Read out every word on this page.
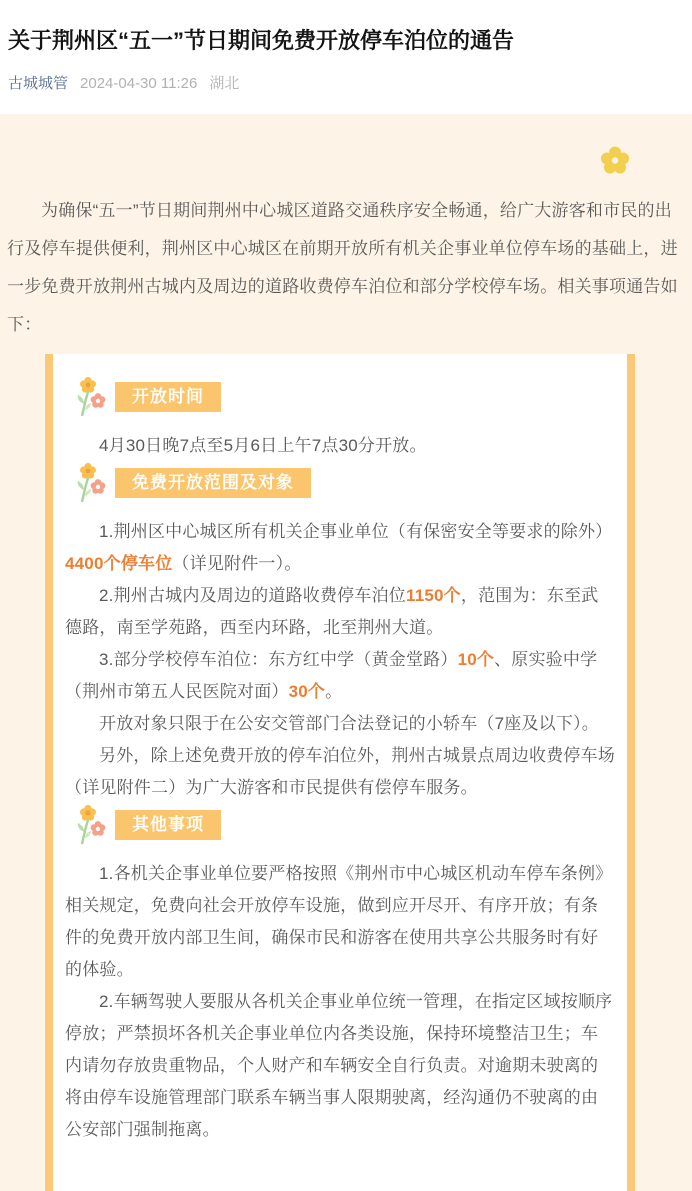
关于荆州区“五一”节日期间免费开放停车泊位的通告
古城城管 2024-04-30 11:26 湖北

为确保“五一”节日期间荆州中心城区道路交通秩序安全畅通，给广大游客和市民的出行及停车提供便利，荆州区中心城区在前期开放所有机关企事业单位停车场的基础上，进一步免费开放荆州古城内及周边的道路收费停车泊位和部分学校停车场。相关事项通告如下：

开放时间

4月30日晚7点至5月6日上午7点30分开放。

免费开放范围及对象

1.荆州区中心城区所有机关企事业单位（有保密安全等要求的除外）4400个停车位（详见附件一）。

2.荆州古城内及周边的道路收费停车泊位1150个，范围为：东至武德路，南至学苑路，西至内环路，北至荆州大道。

3.部分学校停车泊位：东方红中学（黄金堂路）10个、原实验中学（荆州市第五人民医院对面）30个。

开放对象只限于在公安交管部门合法登记的小轿车（7座及以下）。

另外，除上述免费开放的停车泊位外，荆州古城景点周边收费停车场（详见附件二）为广大游客和市民提供有偿停车服务。

其他事项

1.各机关企事业单位要严格按照《荆州市中心城区机动车停车条例》相关规定，免费向社会开放停车设施，做到应开尽开、有序开放；有条件的免费开放内部卫生间，确保市民和游客在使用共享公共服务时有好的体验。

2.车辆驾驶人要服从各机关企事业单位统一管理，在指定区域按顺序停放；严禁损坏各机关企事业单位内各类设施，保持环境整洁卫生；车内请勿存放贵重物品，个人财产和车辆安全自行负责。对逾期未驶离的将由停车设施管理部门联系车辆当事人限期驶离，经沟通仍不驶离的由公安部门强制拖离。
